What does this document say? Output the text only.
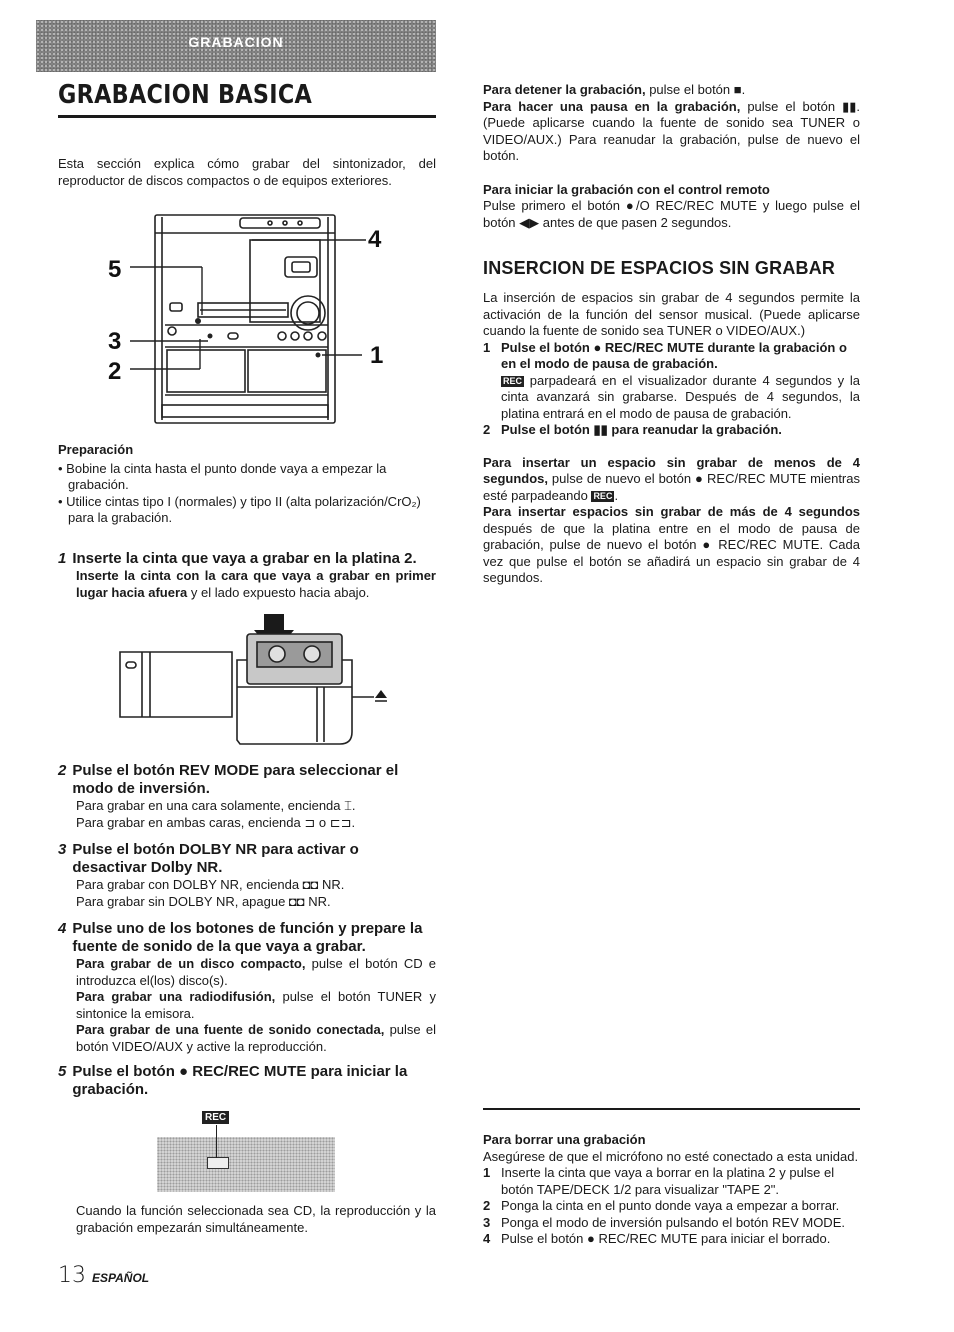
GRABACION
GRABACION BASICA
Esta sección explica cómo grabar del sintonizador, del reproductor de discos compactos o de equipos exteriores.
5
3
2
4
1
Preparación
• Bobine la cinta hasta el punto donde vaya a empezar la grabación.
• Utilice cintas tipo I (normales) y tipo II (alta polarización/CrO₂) para la grabación.
1 Inserte la cinta que vaya a grabar en la platina 2.
Inserte la cinta con la cara que vaya a grabar en primer lugar hacia afuera y el lado expuesto hacia abajo.
2 Pulse el botón REV MODE para seleccionar el modo de inversión.
Para grabar en una cara solamente, encienda ⌶.
Para grabar en ambas caras, encienda ⊐ o ⊏⊐.
3 Pulse el botón DOLBY NR para activar o desactivar Dolby NR.
Para grabar con DOLBY NR, encienda ◘◘ NR.
Para grabar sin DOLBY NR, apague ◘◘ NR.
4 Pulse uno de los botones de función y prepare la fuente de sonido de la que vaya a grabar.
Para grabar de un disco compacto, pulse el botón CD e introduzca el(los) disco(s).
Para grabar una radiodifusión, pulse el botón TUNER y sintonice la emisora.
Para grabar de una fuente de sonido conectada, pulse el botón VIDEO/AUX y active la reproducción.
5 Pulse el botón ● REC/REC MUTE para iniciar la grabación.
REC
Cuando la función seleccionada sea CD, la reproducción y la grabación empezarán simultáneamente.
13 ESPAÑOL
Para detener la grabación, pulse el botón ■.
Para hacer una pausa en la grabación, pulse el botón ▮▮. (Puede aplicarse cuando la fuente de sonido sea TUNER o VIDEO/AUX.) Para reanudar la grabación, pulse de nuevo el botón.
Para iniciar la grabación con el control remoto
Pulse primero el botón ●/O REC/REC MUTE y luego pulse el botón ◀▶ antes de que pasen 2 segundos.
INSERCION DE ESPACIOS SIN GRABAR
La inserción de espacios sin grabar de 4 segundos permite la activación de la función del sensor musical. (Puede aplicarse cuando la fuente de sonido sea TUNER o VIDEO/AUX.)
1 Pulse el botón ● REC/REC MUTE durante la grabación o en el modo de pausa de grabación.
REC parpadeará en el visualizador durante 4 segundos y la cinta avanzará sin grabarse. Después de 4 segundos, la platina entrará en el modo de pausa de grabación.
2 Pulse el botón ▮▮ para reanudar la grabación.
Para insertar un espacio sin grabar de menos de 4 segundos, pulse de nuevo el botón ● REC/REC MUTE mientras esté parpadeando REC .
Para insertar espacios sin grabar de más de 4 segundos después de que la platina entre en el modo de pausa de grabación, pulse de nuevo el botón ● REC/REC MUTE. Cada vez que pulse el botón se añadirá un espacio sin grabar de 4 segundos.
Para borrar una grabación
Asegúrese de que el micrófono no esté conectado a esta unidad.
1 Inserte la cinta que vaya a borrar en la platina 2 y pulse el botón TAPE/DECK 1/2 para visualizar "TAPE 2".
2 Ponga la cinta en el punto donde vaya a empezar a borrar.
3 Ponga el modo de inversión pulsando el botón REV MODE.
4 Pulse el botón ● REC/REC MUTE para iniciar el borrado.
